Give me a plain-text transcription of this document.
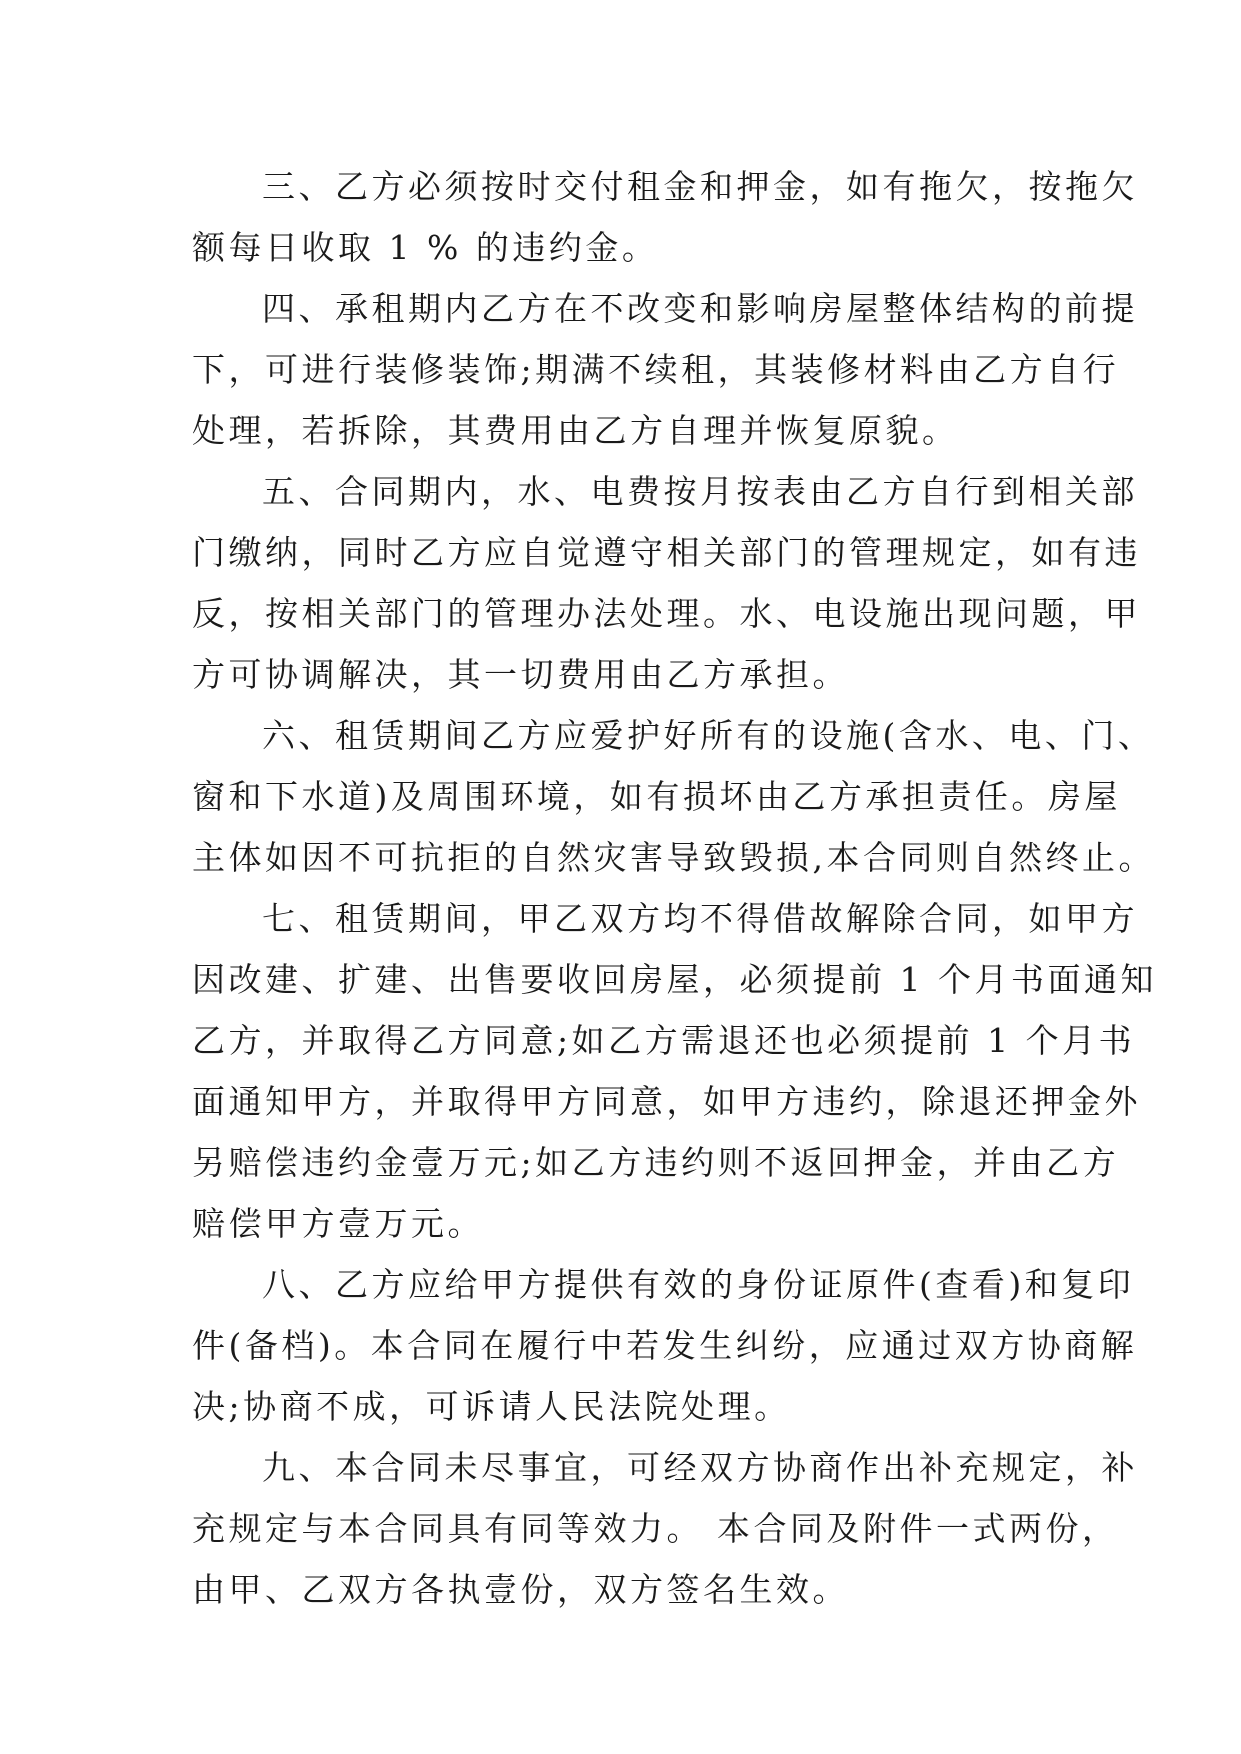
三、乙方必须按时交付租金和押金，如有拖欠，按拖欠
额每日收取 1 % 的违约金。
四、承租期内乙方在不改变和影响房屋整体结构的前提
下，可进行装修装饰;期满不续租，其装修材料由乙方自行
处理，若拆除，其费用由乙方自理并恢复原貌。
五、合同期内，水、电费按月按表由乙方自行到相关部
门缴纳，同时乙方应自觉遵守相关部门的管理规定，如有违
反，按相关部门的管理办法处理。水、电设施出现问题，甲
方可协调解决，其一切费用由乙方承担。
六、租赁期间乙方应爱护好所有的设施(含水、电、门、
窗和下水道)及周围环境，如有损坏由乙方承担责任。房屋
主体如因不可抗拒的自然灾害导致毁损,本合同则自然终止。
七、租赁期间，甲乙双方均不得借故解除合同，如甲方
因改建、扩建、出售要收回房屋，必须提前 1 个月书面通知
乙方，并取得乙方同意;如乙方需退还也必须提前 1 个月书
面通知甲方，并取得甲方同意，如甲方违约，除退还押金外
另赔偿违约金壹万元;如乙方违约则不返回押金，并由乙方
赔偿甲方壹万元。
八、乙方应给甲方提供有效的身份证原件(查看)和复印
件(备档)。本合同在履行中若发生纠纷，应通过双方协商解
决;协商不成，可诉请人民法院处理。
九、本合同未尽事宜，可经双方协商作出补充规定，补
充规定与本合同具有同等效力。 本合同及附件一式两份，
由甲、乙双方各执壹份，双方签名生效。
